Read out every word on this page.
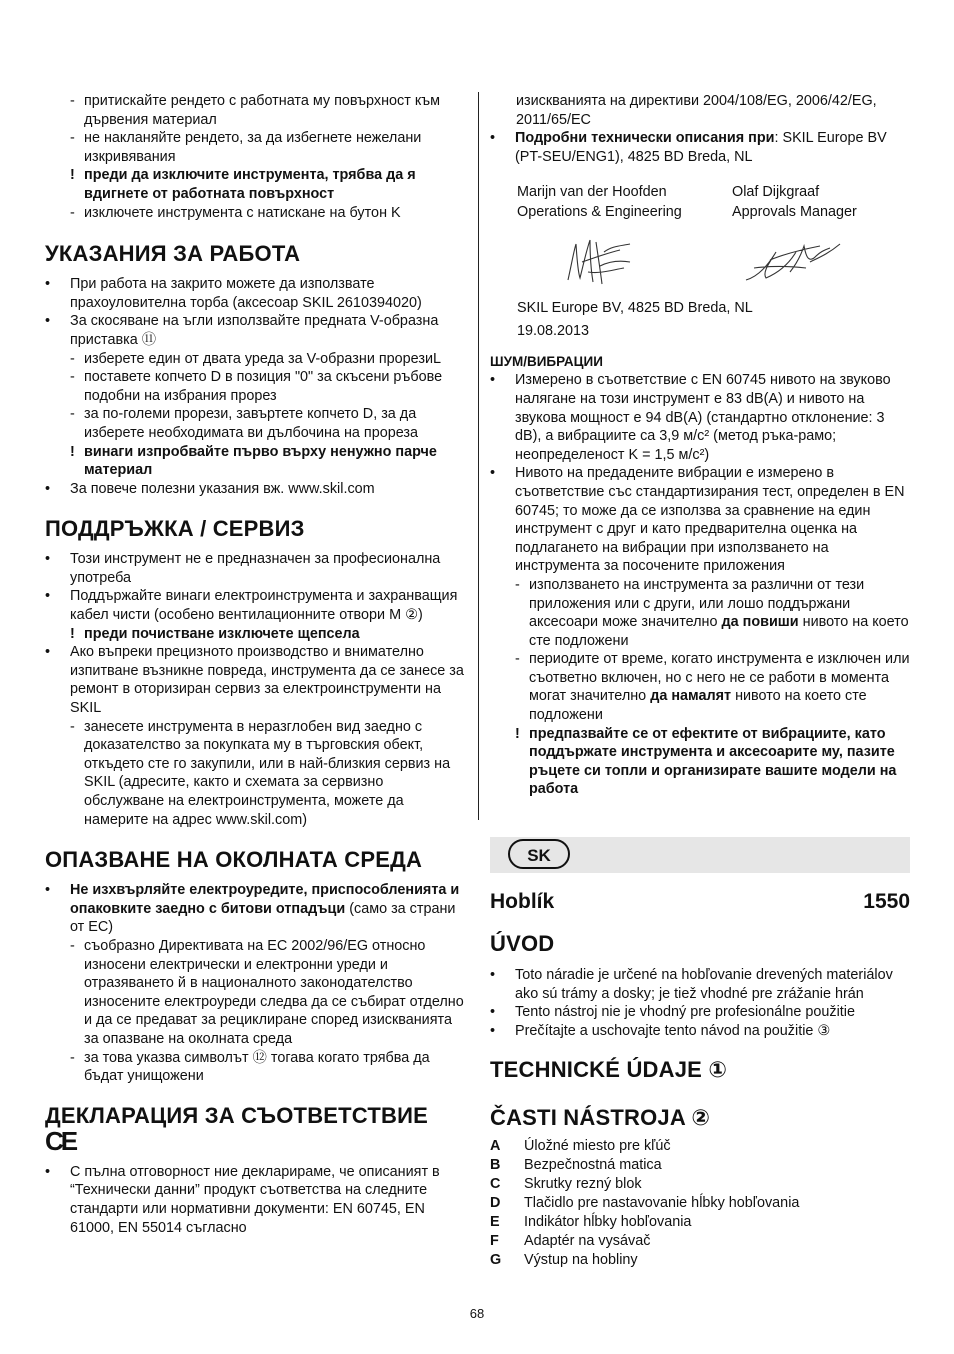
- притискайте рендето с работната му повърхност към дървения материал
- не накланяйте рендето, за да избегнете нежелани изкривявания
! преди да изключите инструмента, трябва да я вдигнете от работната повърхност
- изключете инструмента с натискане на бутон K
УКАЗАНИЯ ЗА РАБОТА
• При работа на закрито можете да използвате прахоуловителна торба (аксесоар SKIL 2610394020)
• За скосяване на ъгли използвайте предната V-образна приставка ⑪
- изберете един от двата уреда за V-образни прорезиL
- поставете копчето D в позиция "0" за скъсени ръбове подобни на избрания прорез
- за по-големи прорези, завъртете копчето D, за да изберете необходимата ви дълбочина на прореза
! винаги изпробвайте първо върху ненужно парче материал
• За повече полезни указания вж. www.skil.com
ПОДДРЪЖКА / СЕРВИЗ
• Този инструмент не е предназначен за професионална употреба
• Поддържайте винаги електроинструмента и захранващия кабел чисти (особено вентилационните отвори M ②)
! преди почистване изключете щепсела
• Ако въпреки прецизното производство и внимателно изпитване възникне повреда, инструмента да се занесе за ремонт в оторизиран сервиз за електроинструменти на SKIL
- занесете инструмента в неразглобен вид заедно с доказателство за покупката му в търговския обект, откъдето сте го закупили, или в най-близкия сервиз на SKIL (адресите, както и схемата за сервизно обслужване на електроинструмента, можете да намерите на адрес www.skil.com)
ОПАЗВАНЕ НА ОКОЛНАТА СРЕДА
• Не изхвърляйте електроуредите, приспособленията и опаковките заедно с битови отпадъци (само за страни от ЕС)
- съобразно Директивата на ЕС 2002/96/EG относно износени електрически и електронни уреди и отразяването й в националното законодателство износените електроуреди следва да се събират отделно и да се предават за рециклиране според изискванията за опазване на околната среда
- за това указва символът ⑫ тогава когато трябва да бъдат унищожени
ДЕКЛАРАЦИЯ ЗА СЪОТВЕТСТВИЕ
CE
• С пълна отговорност ние декларираме, че описаният в “Технически данни” продукт съответства на следните стандарти или нормативни документи: EN 60745, EN 61000, EN 55014 съгласно

изискванията на директиви 2004/108/EG, 2006/42/EG, 2011/65/EC

• Подробни технически описания при: SKIL Europe BV (PT-SEU/ENG1), 4825 BD Breda, NL
Marijn van der Hoofden
Operations & Engineering
Olaf Dijkgraaf
Approvals Manager

SKIL Europe BV, 4825 BD Breda, NL

19.08.2013

ШУМ/ВИБРАЦИИ
• Измерено в съответствие с EN 60745 нивото на звуково налягане на този инструмент е 83 dB(A) и нивото на звукова мощност е 94 dB(A) (стандартно отклонение: 3 dB), а вибрациите са 3,9 м/с² (метод ръка-рамо; неопределеност K = 1,5 м/с²)
• Нивото на предадените вибрации е измерено в съответствие със стандартизирания тест, определен в EN 60745; то може да се използва за сравнение на един инструмент с друг и като предварителна оценка на подлагането на вибрации при използването на инструмента за посочените приложения
- използването на инструмента за различни от тези приложения или с други, или лошо поддържани аксесоари може значително да повиши нивото на което сте подложени
- периодите от време, когато инструмента е изключен или съответно включен, но с него не се работи в момента могат значително да намалят нивото на което сте подложени
! предпазвайте се от ефектите от вибрациите, като поддържате инструмента и аксесоарите му, пазите ръцете си топли и организирате вашите модели на работа
SK
Hoblík	1550
ÚVOD
• Toto náradie je určené na hobľovanie drevených materiálov ako sú trámy a dosky; je tiež vhodné pre zrážanie hrán
• Tento nástroj nie je vhodný pre profesionálne použitie
• Prečítajte a uschovajte tento návod na použitie ③
TECHNICKÉ ÚDAJE ①
ČASTI NÁSTROJA ②
A	Úložné miesto pre kľúč
B	Bezpečnostná matica
C	Skrutky rezný blok
D	Tlačidlo pre nastavovanie hĺbky hobľovania
E	Indikátor hĺbky hobľovania
F	Adaptér na vysávač
G	Výstup na hobliny
68
